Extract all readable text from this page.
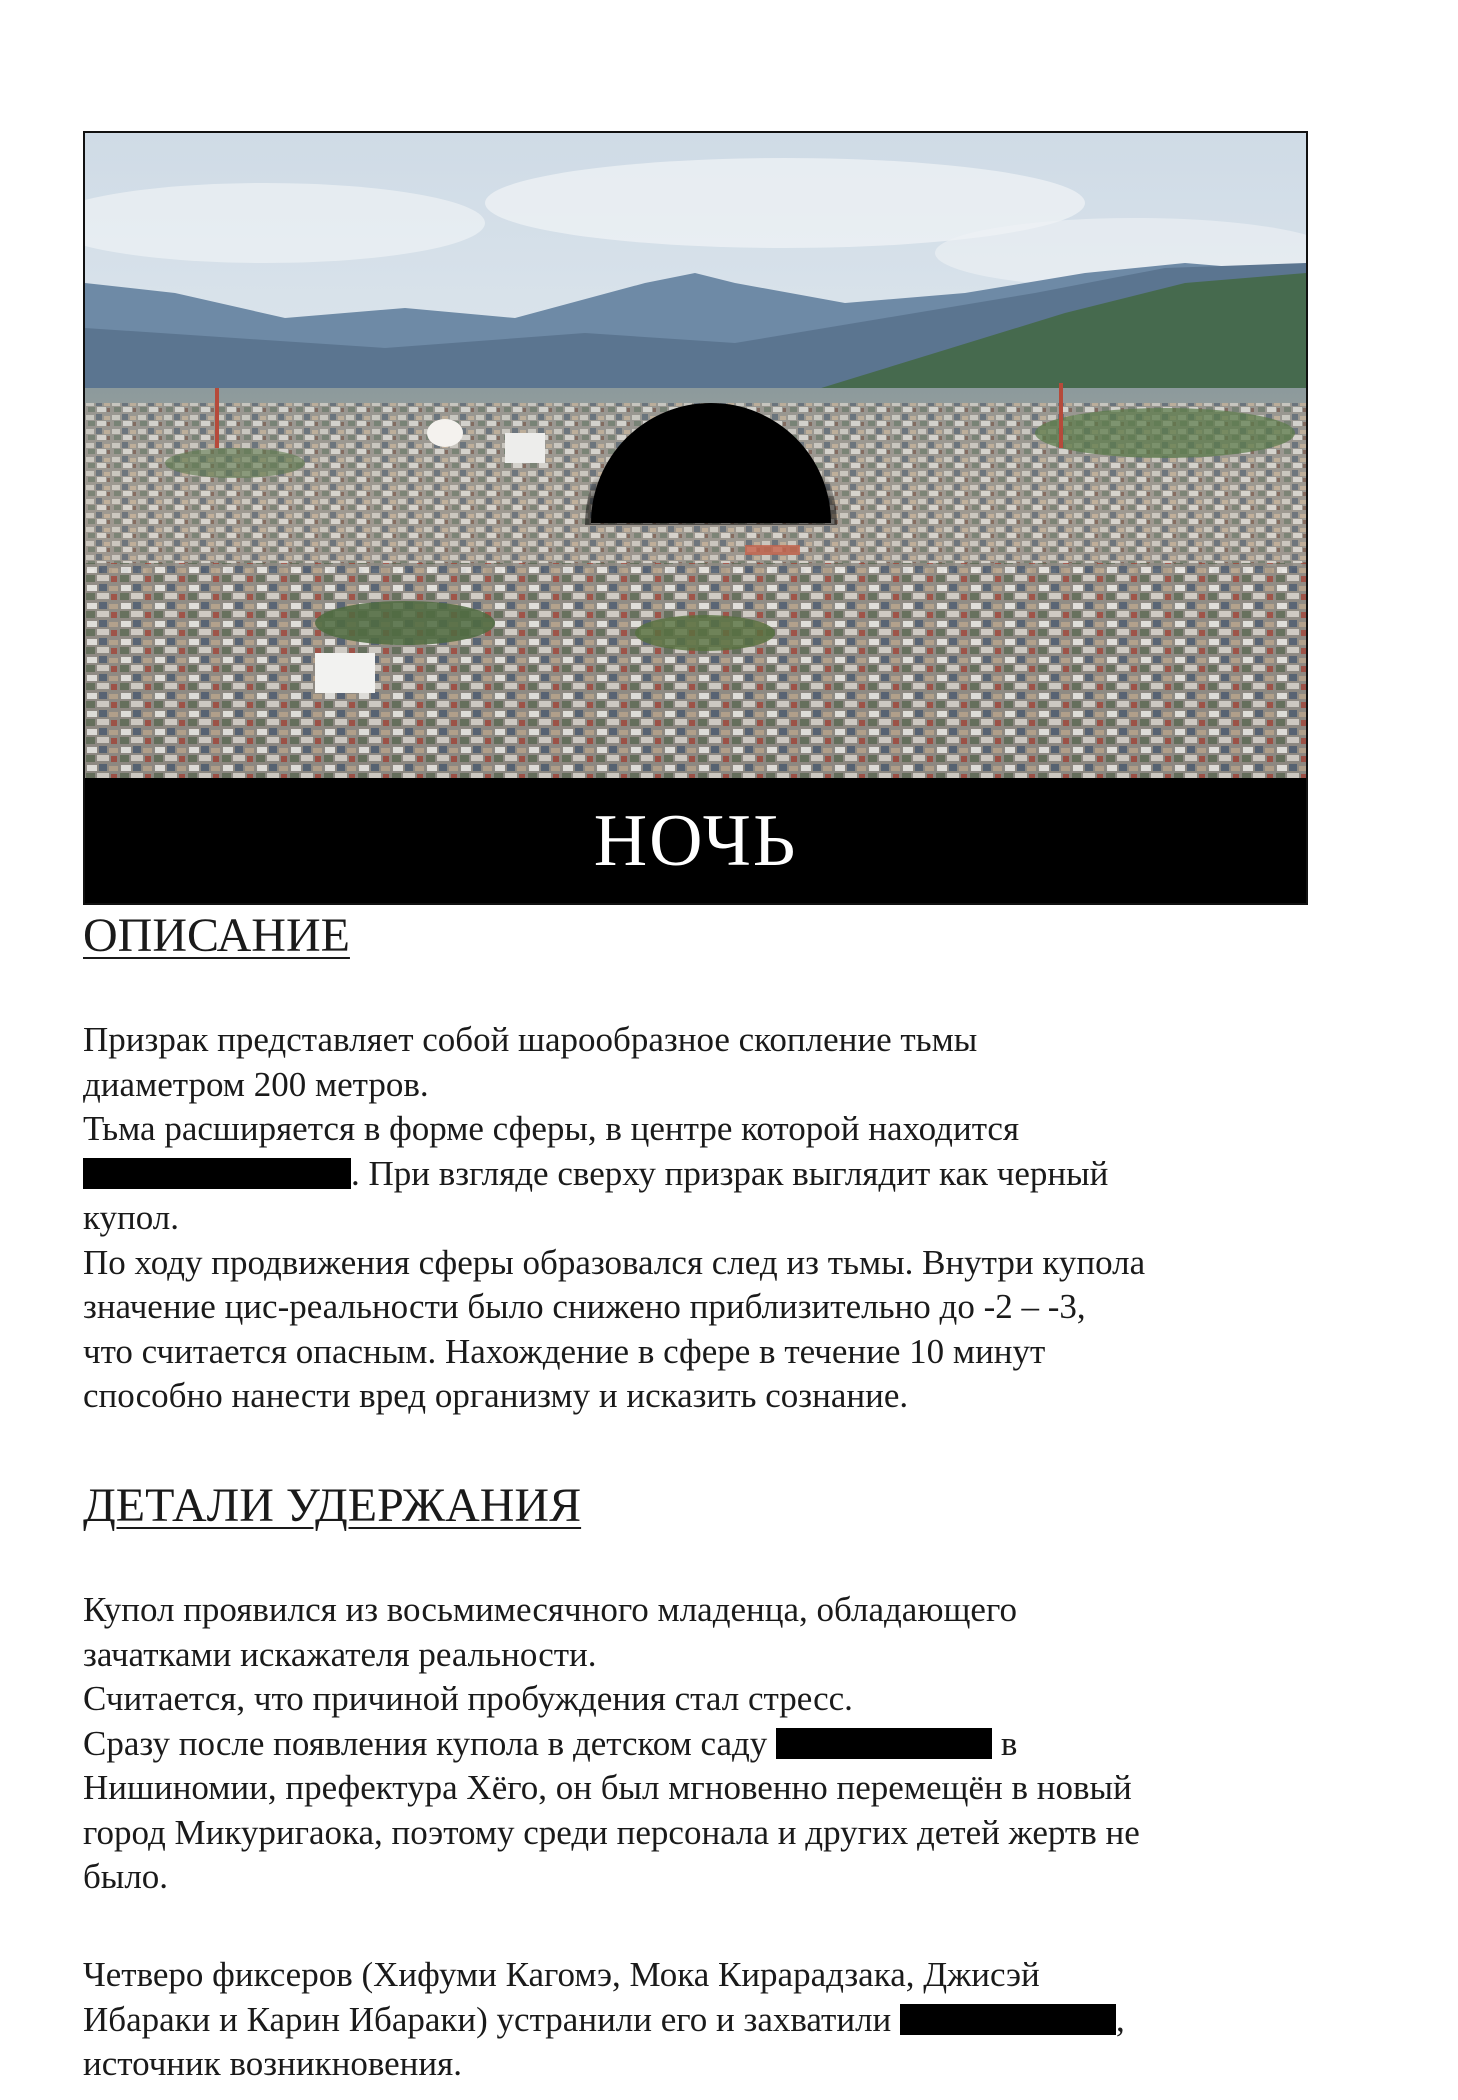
НОЧЬ
ОПИСАНИЕ

Призрак представляет собой шарообразное скопление тьмы
диаметром 200 метров.
Тьма расширяется в форме сферы, в центре которой находится
. При взгляде сверху призрак выглядит как черный
купол.
По ходу продвижения сферы образовался след из тьмы. Внутри купола
значение цис-реальности было снижено приблизительно до -2 – -3,
что считается опасным. Нахождение в сфере в течение 10 минут
способно нанести вред организму и исказить сознание.

ДЕТАЛИ УДЕРЖАНИЯ

Купол проявился из восьмимесячного младенца, обладающего
зачатками искажателя реальности.
Считается, что причиной пробуждения стал стресс.
Сразу после появления купола в детском саду	в
Нишиномии, префектура Хёго, он был мгновенно перемещён в новый
город Микуригаока, поэтому среди персонала и других детей жертв не
было.

Четверо фиксеров (Хифуми Кагомэ, Мока Кирарадзака, Джисэй
Ибараки и Карин Ибараки) устранили его и захватили	,
источник возникновения.
